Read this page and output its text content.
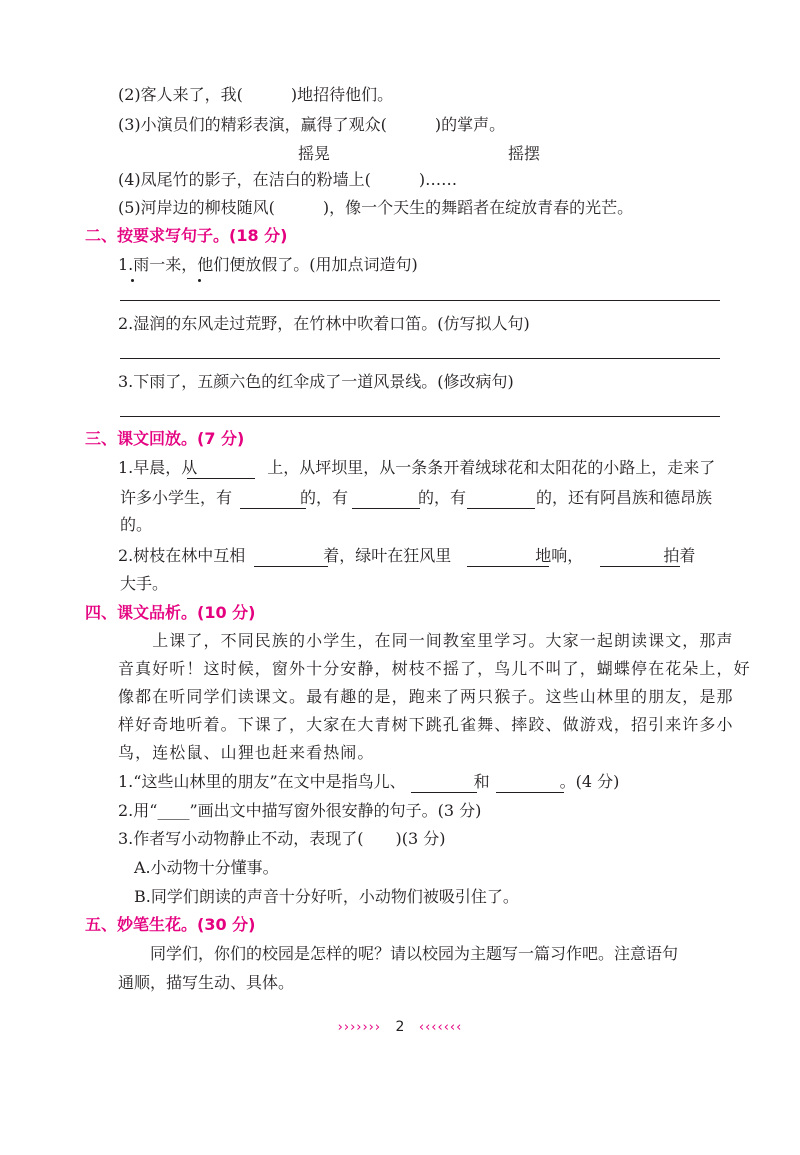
(2)客人来了，我(　　　)地招待他们。
(3)小演员们的精彩表演，赢得了观众(　　　)的掌声。
摇晃	摇摆
(4)凤尾竹的影子，在洁白的粉墙上(　　　)……
(5)河岸边的柳枝随风(　　　)，像一个天生的舞蹈者在绽放青春的光芒。
二、按要求写句子。(18 分)
1.雨一来，他们便放假了。(用加点词造句)
2.湿润的东风走过荒野，在竹林中吹着口笛。(仿写拟人句)
3.下雨了，五颜六色的红伞成了一道风景线。(修改病句)
三、课文回放。(7 分)
1.早晨，从	上，从坪坝里，从一条条开着绒球花和太阳花的小路上，走来了
许多小学生，有	的，有	的，有	的，还有阿昌族和德昂族
的。
2.树枝在林中互相	着，绿叶在狂风里	地响，	拍着
大手。
四、课文品析。(10 分)
　　上课了，不同民族的小学生，在同一间教室里学习。大家一起朗读课文，那声
音真好听！这时候，窗外十分安静，树枝不摇了，鸟儿不叫了，蝴蝶停在花朵上，好
像都在听同学们读课文。最有趣的是，跑来了两只猴子。这些山林里的朋友，是那
样好奇地听着。下课了，大家在大青树下跳孔雀舞、摔跤、做游戏，招引来许多小
鸟，连松鼠、山狸也赶来看热闹。
1.“这些山林里的朋友”在文中是指鸟儿、	和	。(4 分)
2.用“____”画出文中描写窗外很安静的句子。(3 分)
3.作者写小动物静止不动，表现了(　　)(3 分)
A.小动物十分懂事。
B.同学们朗读的声音十分好听，小动物们被吸引住了。
五、妙笔生花。(30 分)
　　同学们，你们的校园是怎样的呢？请以校园为主题写一篇习作吧。注意语句
通顺，描写生动、具体。
››››››› 2 ‹‹‹‹‹‹‹
